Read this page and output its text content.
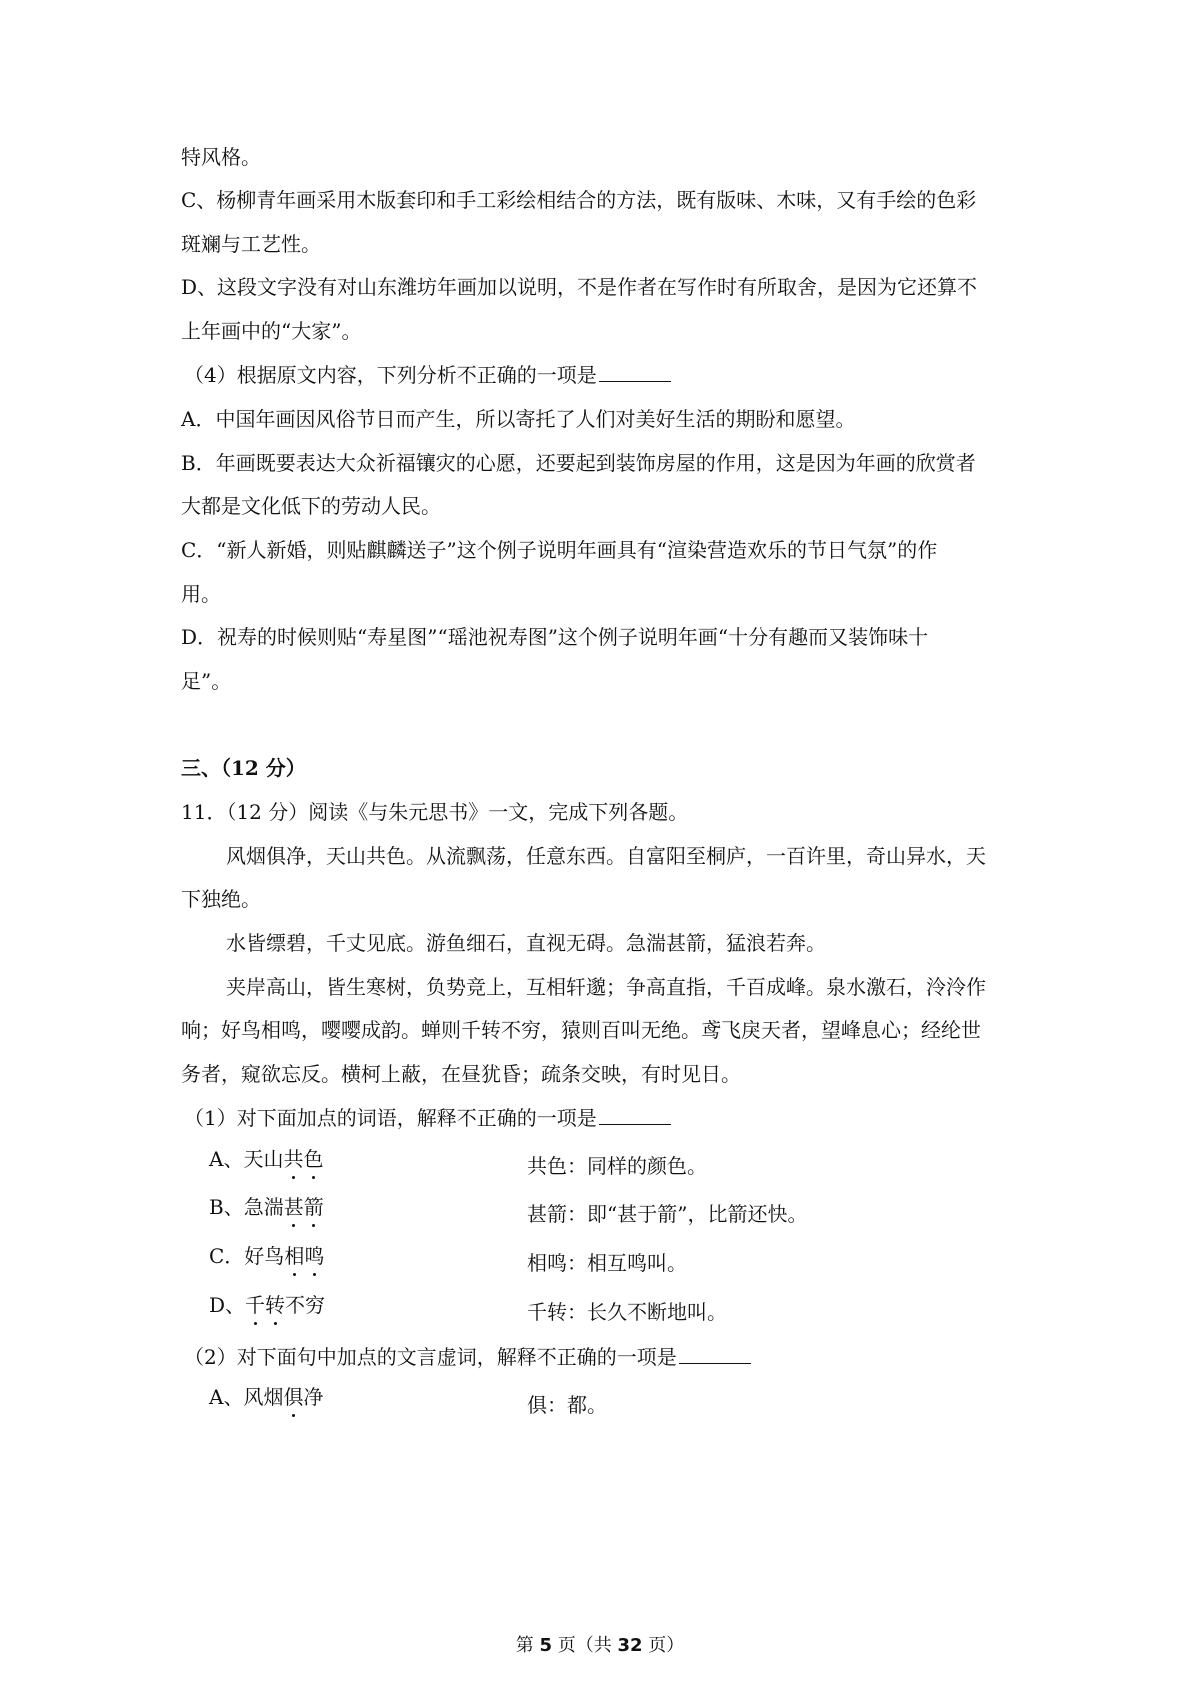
特风格。
C、杨柳青年画采用木版套印和手工彩绘相结合的方法，既有版味、木味，又有手绘的色彩
斑斓与工艺性。
D、这段文字没有对山东潍坊年画加以说明，不是作者在写作时有所取舍，是因为它还算不
上年画中的“大家”。
（4）根据原文内容，下列分析不正确的一项是
A．中国年画因风俗节日而产生，所以寄托了人们对美好生活的期盼和愿望。
B．年画既要表达大众祈福镶灾的心愿，还要起到装饰房屋的作用，这是因为年画的欣赏者
大都是文化低下的劳动人民。
C．“新人新婚，则贴麒麟送子”这个例子说明年画具有“渲染营造欢乐的节日气氛”的作
用。
D．祝寿的时候则贴“寿星图”“瑶池祝寿图”这个例子说明年画“十分有趣而又装饰味十
足”。
三、（12 分）
11．（12 分）阅读《与朱元思书》一文，完成下列各题。
风烟俱净，天山共色。从流飘荡，任意东西。自富阳至桐庐，一百许里，奇山异水，天
下独绝。
水皆缥碧，千丈见底。游鱼细石，直视无碍。急湍甚箭，猛浪若奔。
夹岸高山，皆生寒树，负势竞上，互相轩邈；争高直指，千百成峰。泉水激石，泠泠作
响；好鸟相鸣，嘤嘤成韵。蝉则千转不穷，猿则百叫无绝。鸢飞戾天者，望峰息心；经纶世
务者，窥欲忘反。横柯上蔽，在昼犹昏；疏条交映，有时见日。
（1）对下面加点的词语，解释不正确的一项是
A、天山共色	共色：同样的颜色。
B、急湍甚箭	甚箭：即“甚于箭”，比箭还快。
C．好鸟相鸣	相鸣：相互鸣叫。
D、千转不穷	千转：长久不断地叫。
（2）对下面句中加点的文言虚词，解释不正确的一项是
A、风烟俱净	俱：都。
第 5 页（共 32 页）
